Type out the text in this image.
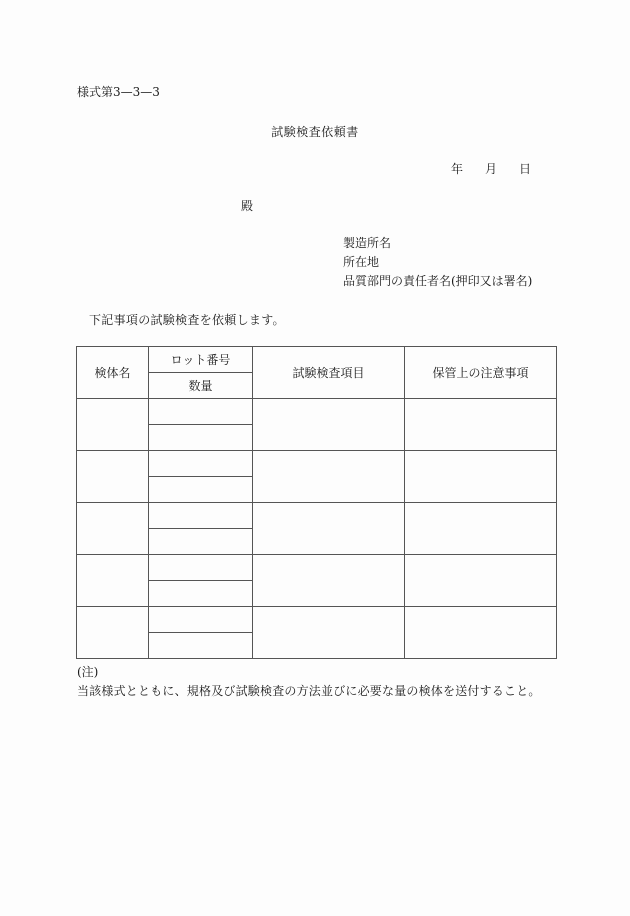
様式第3—3—3
試験検査依頼書
年 月 日
殿
製造所名
所在地
品質部門の責任者名(押印又は署名)
下記事項の試験検査を依頼します。
検体名	ロット番号	試験検査項目	保管上の注意事項
	数量		

(注)
当該様式とともに、規格及び試験検査の方法並びに必要な量の検体を送付すること。
